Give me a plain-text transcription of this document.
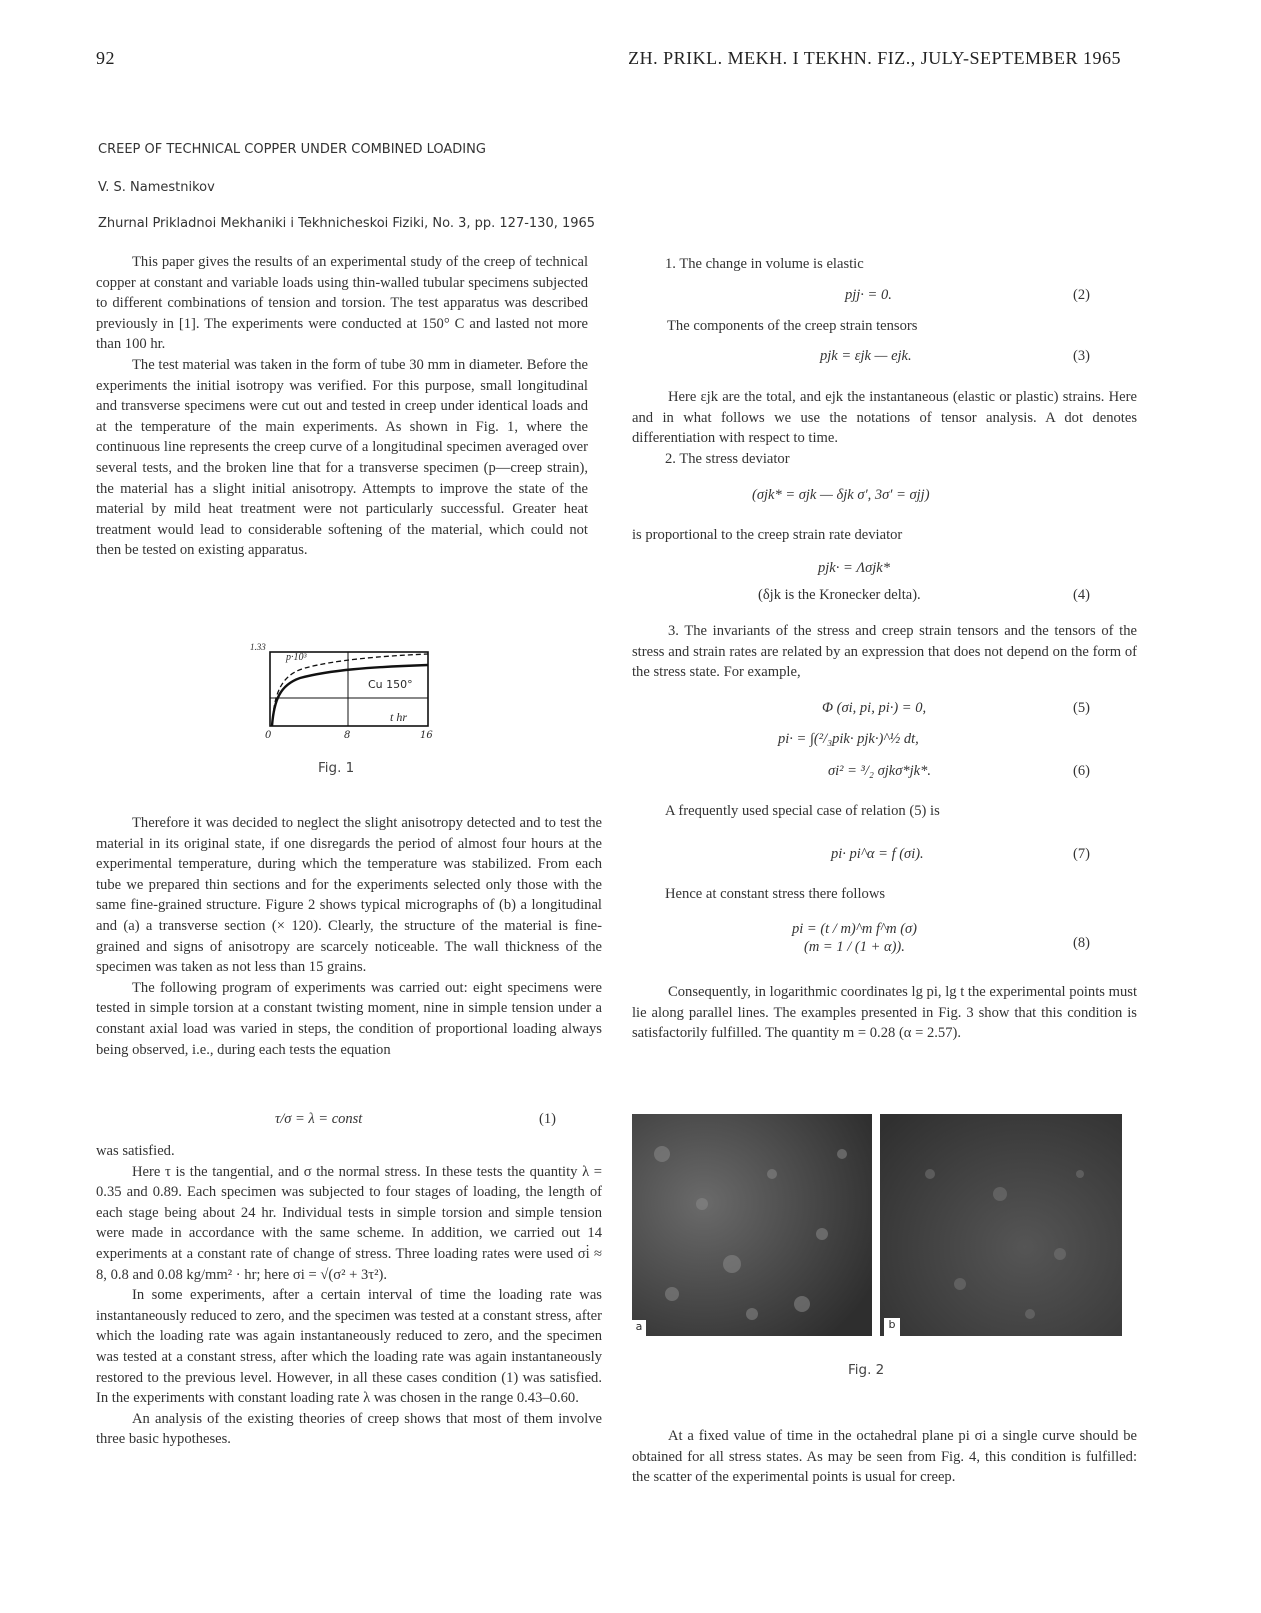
92	ZH. PRIKL. MEKH. I TEKHN. FIZ., JULY-SEPTEMBER 1965
CREEP OF TECHNICAL COPPER UNDER COMBINED LOADING
V. S. Namestnikov
Zhurnal Prikladnoi Mekhaniki i Tekhnicheskoi Fiziki, No. 3, pp. 127-130, 1965

This paper gives the results of an experimental study of the creep of technical copper at constant and variable loads using thin-walled tubular specimens subjected to different combinations of tension and torsion. The test apparatus was described previously in [1]. The experiments were conducted at 150° C and lasted not more than 100 hr.

The test material was taken in the form of tube 30 mm in diameter. Before the experiments the initial isotropy was verified. For this purpose, small longitudinal and transverse specimens were cut out and tested in creep under identical loads and at the temperature of the main experiments. As shown in Fig. 1, where the continuous line represents the creep curve of a longitudinal specimen averaged over several tests, and the broken line that for a transverse specimen (p—creep strain), the material has a slight initial anisotropy. Attempts to improve the state of the material by mild heat treatment were not particularly successful. Greater heat treatment would lead to considerable softening of the material, which could not then be tested on existing apparatus.

1.33
p·10³
Cu 150°
t hr
0	8	16
Fig. 1

Therefore it was decided to neglect the slight anisotropy detected and to test the material in its original state, if one disregards the period of almost four hours at the experimental temperature, during which the temperature was stabilized. From each tube we prepared thin sections and for the experiments selected only those with the same fine-grained structure. Figure 2 shows typical micrographs of (b) a longitudinal and (a) a transverse section (× 120). Clearly, the structure of the material is fine-grained and signs of anisotropy are scarcely noticeable. The wall thickness of the specimen was taken as not less than 15 grains.

The following program of experiments was carried out: eight specimens were tested in simple torsion at a constant twisting moment, nine in simple tension under a constant axial load was varied in steps, the condition of proportional loading always being observed, i.e., during each tests the equation

τ/σ = λ = const	(1)

was satisfied.

Here τ is the tangential, and σ the normal stress. In these tests the quantity λ = 0.35 and 0.89. Each specimen was subjected to four stages of loading, the length of each stage being about 24 hr. Individual tests in simple torsion and simple tension were made in accordance with the same scheme. In addition, we carried out 14 experiments at a constant rate of change of stress. Three loading rates were used σi̇ ≈ 8, 0.8 and 0.08 kg/mm² · hr; here σi = √(σ² + 3τ²).

In some experiments, after a certain interval of time the loading rate was instantaneously reduced to zero, and the specimen was tested at a constant stress, after which the loading rate was again instantaneously reduced to zero, and the specimen was tested at a constant stress, after which the loading rate was again instantaneously restored to the previous level. However, in all these cases condition (1) was satisfied. In the experiments with constant loading rate λ was chosen in the range 0.43–0.60.

An analysis of the existing theories of creep shows that most of them involve three basic hypotheses.

1. The change in volume is elastic
pjj· = 0.	(2)
The components of the creep strain tensors
pjk = εjk — ejk.	(3)

Here εjk are the total, and ejk the instantaneous (elastic or plastic) strains. Here and in what follows we use the notations of tensor analysis. A dot denotes differentiation with respect to time.

2. The stress deviator
(σjk* = σjk — δjk σ′, 3σ′ = σjj)
is proportional to the creep strain rate deviator
pjk· = Λσjk*
(δjk is the Kronecker delta).	(4)

3. The invariants of the stress and creep strain tensors and the tensors of the stress and strain rates are related by an expression that does not depend on the form of the stress state. For example,

Φ (σi, pi, pi·) = 0,	(5)
pi· = ∫(²/₃pik· pjk·)^½ dt,
σi² = ³/₂ σjkσ*jk*.	(6)
A frequently used special case of relation (5) is
pi· pi^α = f (σi).	(7)
Hence at constant stress there follows
pi = (t / m)^m f^m (σ)
(m = 1 / (1 + α)).	(8)

Consequently, in logarithmic coordinates lg pi, lg t the experimental points must lie along parallel lines. The examples presented in Fig. 3 show that this condition is satisfactorily fulfilled. The quantity m = 0.28 (α = 2.57).

a	b
Fig. 2

At a fixed value of time in the octahedral plane pi σi a single curve should be obtained for all stress states. As may be seen from Fig. 4, this condition is fulfilled: the scatter of the experimental points is usual for creep.
